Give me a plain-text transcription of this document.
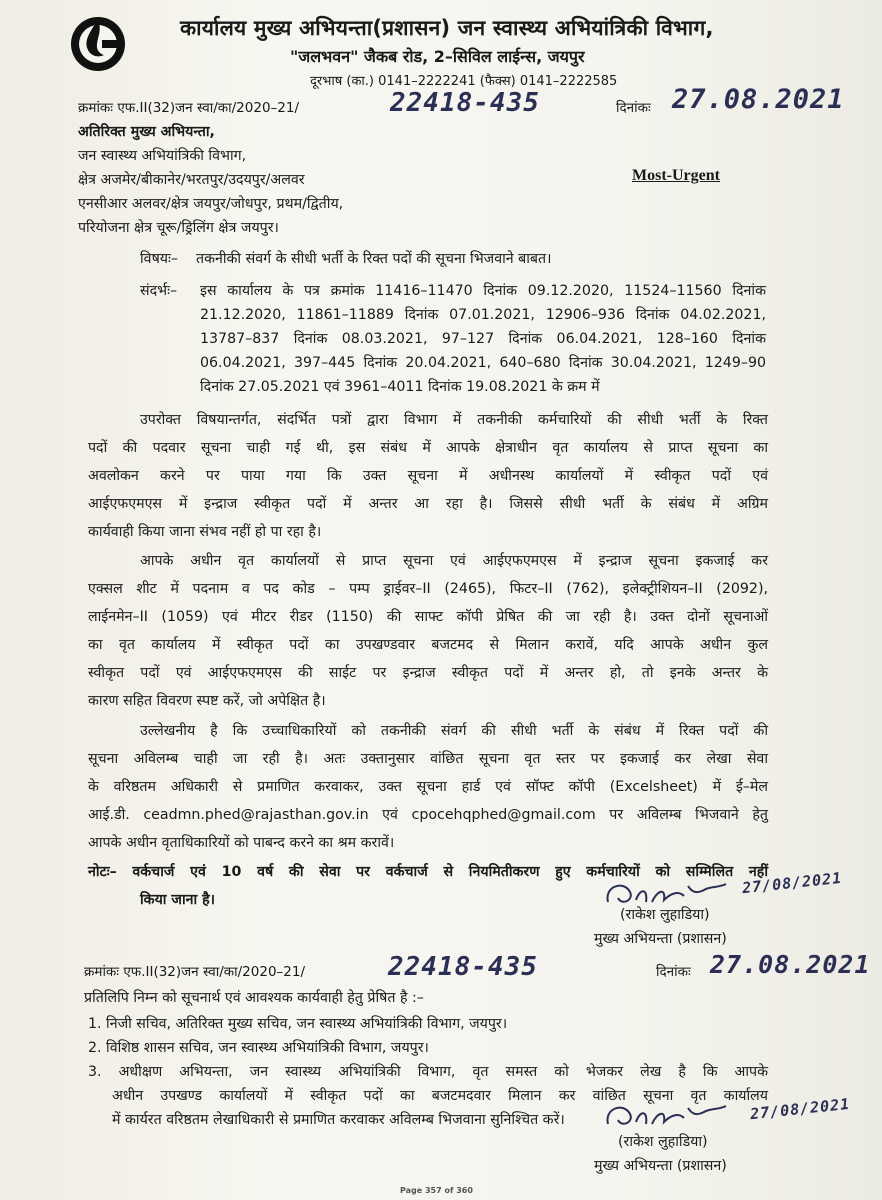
कार्यालय मुख्य अभियन्ता(प्रशासन) जन स्वास्थ्य अभियांत्रिकी विभाग,
"जलभवन" जैकब रोड, 2–सिविल लाईन्स, जयपुर
दूरभाष (का.) 0141–2222241 (फैक्स) 0141–2222585
क्रमांकः एफ.II(32)जन स्वा/का/2020–21/	22418-435	दिनांकः 27.08.2021
अतिरिक्त मुख्य अभियन्ता,
जन स्वास्थ्य अभियांत्रिकी विभाग,
क्षेत्र अजमेर/बीकानेर/भरतपुर/उदयपुर/अलवर
एनसीआर अलवर/क्षेत्र जयपुर/जोधपुर, प्रथम/द्वितीय,
परियोजना क्षेत्र चूरू/ड्रिलिंग क्षेत्र जयपुर।
Most-Urgent
विषयः– तकनीकी संवर्ग के सीधी भर्ती के रिक्त पदों की सूचना भिजवाने बाबत।
संदर्भः– इस कार्यालय के पत्र क्रमांक 11416–11470 दिनांक 09.12.2020, 11524–11560 दिनांक
21.12.2020, 11861–11889 दिनांक 07.01.2021, 12906–936 दिनांक 04.02.2021,
13787–837 दिनांक 08.03.2021, 97–127 दिनांक 06.04.2021, 128–160 दिनांक
06.04.2021, 397–445 दिनांक 20.04.2021, 640–680 दिनांक 30.04.2021, 1249–90
दिनांक 27.05.2021 एवं 3961–4011 दिनांक 19.08.2021 के क्रम में
उपरोक्त विषयान्तर्गत, संदर्भित पत्रों द्वारा विभाग में तकनीकी कर्मचारियों की सीधी भर्ती के रिक्त
पदों की पदवार सूचना चाही गई थी, इस संबंध में आपके क्षेत्राधीन वृत कार्यालय से प्राप्त सूचना का
अवलोकन करने पर पाया गया कि उक्त सूचना में अधीनस्थ कार्यालयों में स्वीकृत पदों एवं
आईएफएमएस में इन्द्राज स्वीकृत पदों में अन्तर आ रहा है। जिससे सीधी भर्ती के संबंध में अग्रिम
कार्यवाही किया जाना संभव नहीं हो पा रहा है।
आपके अधीन वृत कार्यालयों से प्राप्त सूचना एवं आईएफएमएस में इन्द्राज सूचना इकजाई कर
एक्सल शीट में पदनाम व पद कोड – पम्प ड्राईवर–II (2465), फिटर–II (762), इलेक्ट्रीशियन–II (2092),
लाईनमेन–II (1059) एवं मीटर रीडर (1150) की साफ्ट कॉपी प्रेषित की जा रही है। उक्त दोनों सूचनाओं
का वृत कार्यालय में स्वीकृत पदों का उपखण्डवार बजटमद से मिलान करावें, यदि आपके अधीन कुल
स्वीकृत पदों एवं आईएफएमएस की साईट पर इन्द्राज स्वीकृत पदों में अन्तर हो, तो इनके अन्तर के
कारण सहित विवरण स्पष्ट करें, जो अपेक्षित है।
उल्लेखनीय है कि उच्चाधिकारियों को तकनीकी संवर्ग की सीधी भर्ती के संबंध में रिक्त पदों की
सूचना अविलम्ब चाही जा रही है। अतः उक्तानुसार वांछित सूचना वृत स्तर पर इकजाई कर लेखा सेवा
के वरिष्ठतम अधिकारी से प्रमाणित करवाकर, उक्त सूचना हार्ड एवं सॉफ्ट कॉपी (Excelsheet) में ई–मेल
आई.डी. ceadmn.phed@rajasthan.gov.in एवं cpocehqphed@gmail.com पर अविलम्ब भिजवाने हेतु
आपके अधीन वृताधिकारियों को पाबन्द करने का श्रम करावें।
नोटः– वर्कचार्ज एवं 10 वर्ष की सेवा पर वर्कचार्ज से नियमितीकरण हुए कर्मचारियों को सम्मिलित नहीं
किया जाना है।
27/08/2021
(राकेश लुहाडिया)
मुख्य अभियन्ता (प्रशासन)
क्रमांकः एफ.II(32)जन स्वा/का/2020–21/	22418-435	दिनांकः 27.08.2021
प्रतिलिपि निम्न को सूचनार्थ एवं आवश्यक कार्यवाही हेतु प्रेषित है :–
1. निजी सचिव, अतिरिक्त मुख्य सचिव, जन स्वास्थ्य अभियांत्रिकी विभाग, जयपुर।
2. विशिष्ठ शासन सचिव, जन स्वास्थ्य अभियांत्रिकी विभाग, जयपुर।
3. अधीक्षण अभियन्ता, जन स्वास्थ्य अभियांत्रिकी विभाग, वृत समस्त को भेजकर लेख है कि आपके
अधीन उपखण्ड कार्यालयों में स्वीकृत पदों का बजटमदवार मिलान कर वांछित सूचना वृत कार्यालय
में कार्यरत वरिष्ठतम लेखाधिकारी से प्रमाणित करवाकर अविलम्ब भिजवाना सुनिश्चित करें।	27/08/2021
(राकेश लुहाडिया)
मुख्य अभियन्ता (प्रशासन)
Page 357 of 360
